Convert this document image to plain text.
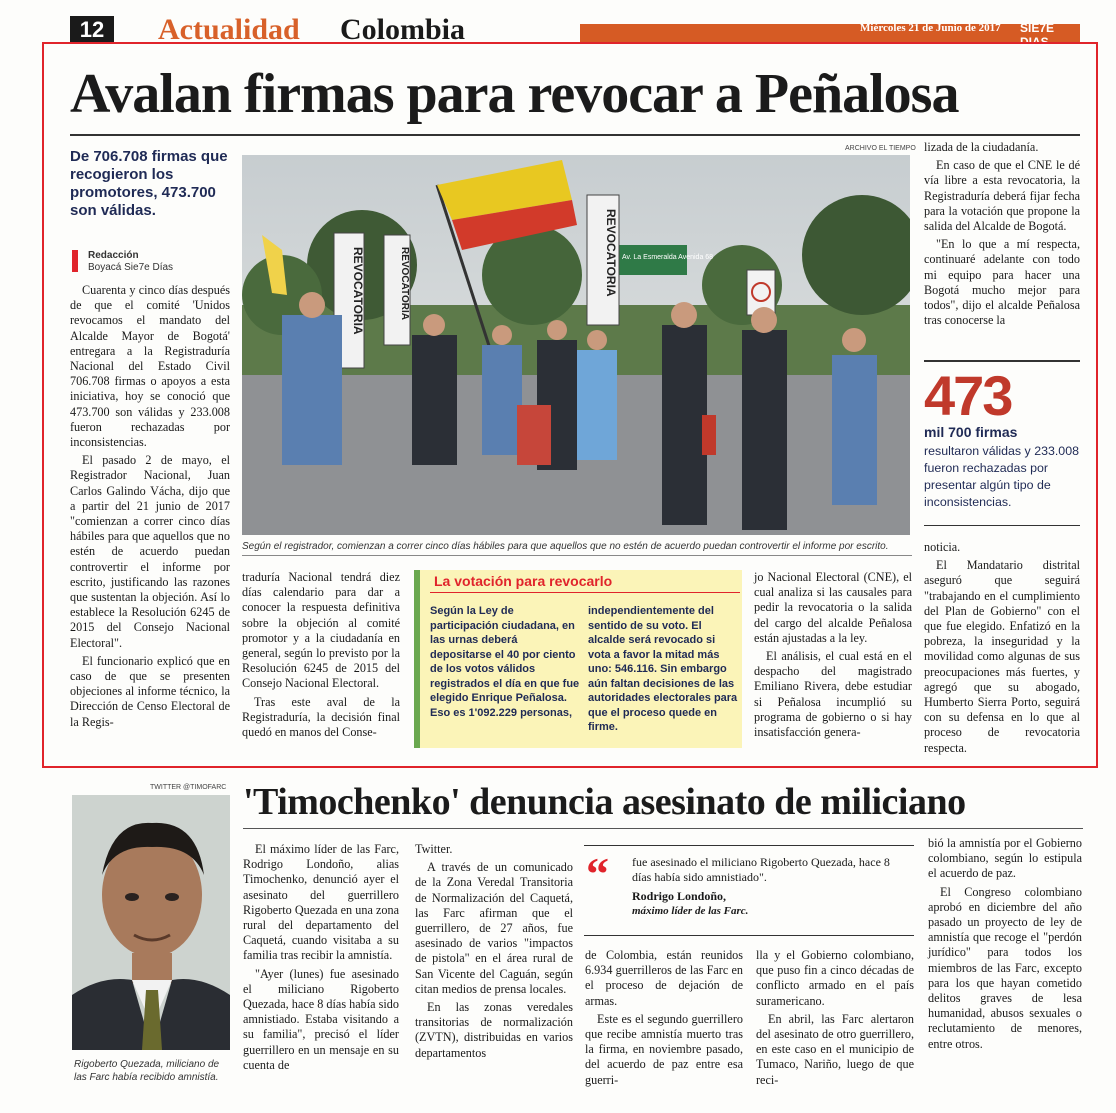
12	Actualidad Colombia	Miércoles 21 de Junio de 2017 SIE7E DIAS
Avalan firmas para revocar a Peñalosa
De 706.708 firmas que recogieron los promotores, 473.700 son válidas.
Redacción
Boyacá Sie7e Días

Cuarenta y cinco días después de que el comité 'Unidos revocamos el mandato del Alcalde Mayor de Bogotá' entregara a la Registraduría Nacional del Estado Civil 706.708 firmas o apoyos a esta iniciativa, hoy se conoció que 473.700 son válidas y 233.008 fueron rechazadas por inconsistencias.

El pasado 2 de mayo, el Registrador Nacional, Juan Carlos Galindo Vácha, dijo que a partir del 21 junio de 2017 "comienzan a correr cinco días hábiles para que aquellos que no estén de acuerdo puedan controvertir el informe por escrito, justificando las razones que sustentan la objeción. Así lo establece la Resolución 6245 de 2015 del Consejo Nacional Electoral".

El funcionario explicó que en caso de que se presenten objeciones al informe técnico, la Dirección de Censo Electoral de la Regis-

ARCHIVO EL TIEMPO
Av. La Esmeralda Avenida 68
REVOCATORIA	REVOCATORIA
REVOCATORIA
Según el registrador, comienzan a correr cinco días hábiles para que aquellos que no estén de acuerdo puedan controvertir el informe por escrito.

traduría Nacional tendrá diez días calendario para dar a conocer la respuesta definitiva sobre la objeción al comité promotor y a la ciudadanía en general, según lo previsto por la Resolución 6245 de 2015 del Consejo Nacional Electoral.

Tras este aval de la Registraduría, la decisión final quedó en manos del Conse-

La votación para revocarlo
Según la Ley de participación ciudadana, en las urnas deberá depositarse el 40 por ciento de los votos válidos registrados el día en que fue elegido Enrique Peñalosa. Eso es 1'092.229 personas,
independientemente del sentido de su voto. El alcalde será revocado si vota a favor la mitad más uno: 546.116. Sin embargo aún faltan decisiones de las autoridades electorales para que el proceso quede en firme.

jo Nacional Electoral (CNE), el cual analiza si las causales para pedir la revocatoria o la salida del cargo del alcalde Peñalosa están ajustadas a la ley.

El análisis, el cual está en el despacho del magistrado Emiliano Rivera, debe estudiar si Peñalosa incumplió su programa de gobierno o si hay insatisfacción genera-

lizada de la ciudadanía.

En caso de que el CNE le dé vía libre a esta revocatoria, la Registraduría deberá fijar fecha para la votación que propone la salida del Alcalde de Bogotá.

"En lo que a mí respecta, continuaré adelante con todo mi equipo para hacer una Bogotá mucho mejor para todos", dijo el alcalde Peñalosa tras conocerse la

473
mil 700 firmas
resultaron válidas y 233.008 fueron rechazadas por presentar algún tipo de inconsistencias.

noticia.

El Mandatario distrital aseguró que seguirá "trabajando en el cumplimiento del Plan de Gobierno" con el que fue elegido. Enfatizó en la pobreza, la inseguridad y la movilidad como algunas de sus preocupaciones más fuertes, y agregó que su abogado, Humberto Sierra Porto, seguirá con su defensa en lo que al proceso de revocatoria respecta.

TWITTER @TIMOFARC
Rigoberto Quezada, miliciano de las Farc había recibido amnistía.
'Timochenko' denuncia asesinato de miliciano

El máximo líder de las Farc, Rodrigo Londoño, alias Timochenko, denunció ayer el asesinato del guerrillero Rigoberto Quezada en una zona rural del departamento del Caquetá, cuando visitaba a su familia tras recibir la amnistía.

"Ayer (lunes) fue asesinado el miliciano Rigoberto Quezada, hace 8 días había sido amnistiado. Estaba visitando a su familia", precisó el líder guerrillero en un mensaje en su cuenta de

Twitter.

A través de un comunicado de la Zona Veredal Transitoria de Normalización del Caquetá, las Farc afirman que el guerrillero, de 27 años, fue asesinado de varios "impactos de pistola" en el área rural de San Vicente del Caguán, según citan medios de prensa locales.

En las zonas veredales transitorias de normalización (ZVTN), distribuidas en varios departamentos

“ fue asesinado el miliciano Rigoberto Quezada, hace 8 días había sido amnistiado".
Rodrigo Londoño,
máximo líder de las Farc.

de Colombia, están reunidos 6.934 guerrilleros de las Farc en el proceso de dejación de armas.

Este es el segundo guerrillero que recibe amnistía muerto tras la firma, en noviembre pasado, del acuerdo de paz entre esa guerri-

lla y el Gobierno colombiano, que puso fin a cinco décadas de conflicto armado en el país suramericano.

En abril, las Farc alertaron del asesinato de otro guerrillero, en este caso en el municipio de Tumaco, Nariño, luego de que reci-

bió la amnistía por el Gobierno colombiano, según lo estipula el acuerdo de paz.

El Congreso colombiano aprobó en diciembre del año pasado un proyecto de ley de amnistía que recoge el "perdón jurídico" para todos los miembros de las Farc, excepto para los que hayan cometido delitos graves de lesa humanidad, abusos sexuales o reclutamiento de menores, entre otros.
